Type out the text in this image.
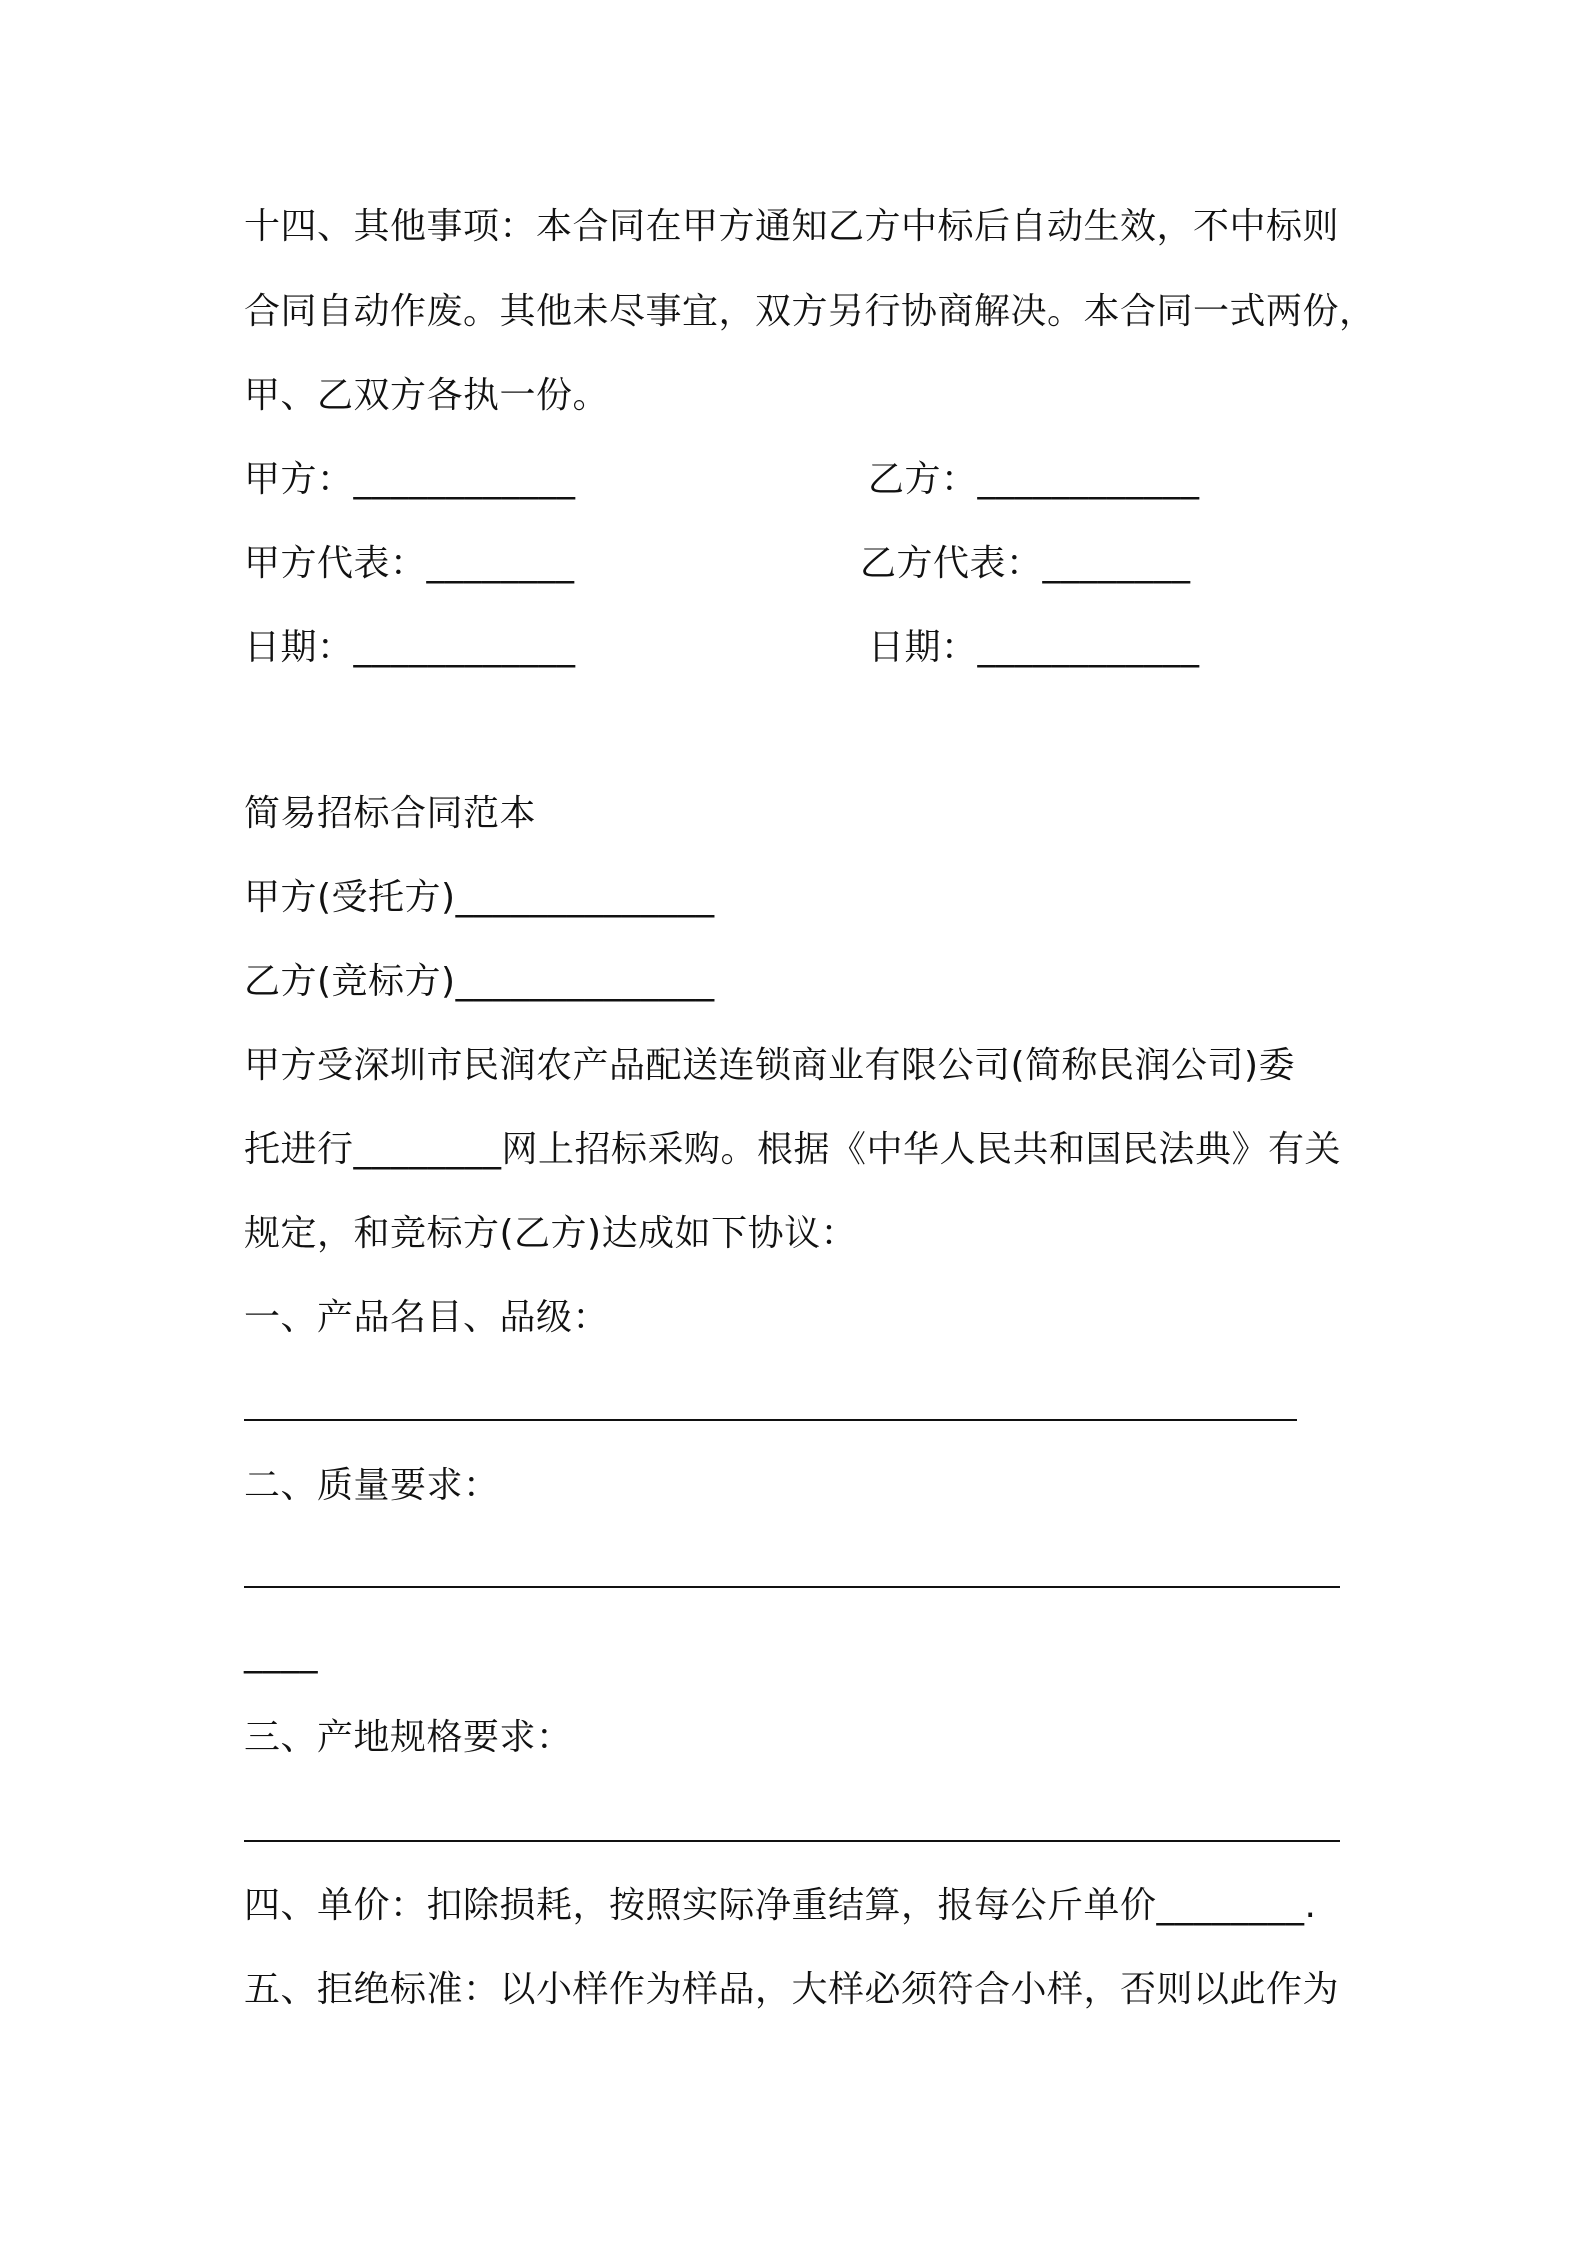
十四、其他事项：本合同在甲方通知乙方中标后自动生效，不中标则
合同自动作废。其他未尽事宜，双方另行协商解决。本合同一式两份，
甲、乙双方各执一份。
甲方：____________	乙方：____________
甲方代表：________	乙方代表：________
日期：____________	日期：____________
简易招标合同范本
甲方(受托方)______________
乙方(竞标方)______________
甲方受深圳市民润农产品配送连锁商业有限公司(简称民润公司)委
托进行________网上招标采购。根据《中华人民共和国民法典》有关
规定，和竞标方(乙方)达成如下协议：
一、产品名目、品级：
二、质量要求：
____
三、产地规格要求：
四、单价：扣除损耗，按照实际净重结算，报每公斤单价________.
五、拒绝标准：以小样作为样品，大样必须符合小样，否则以此作为
